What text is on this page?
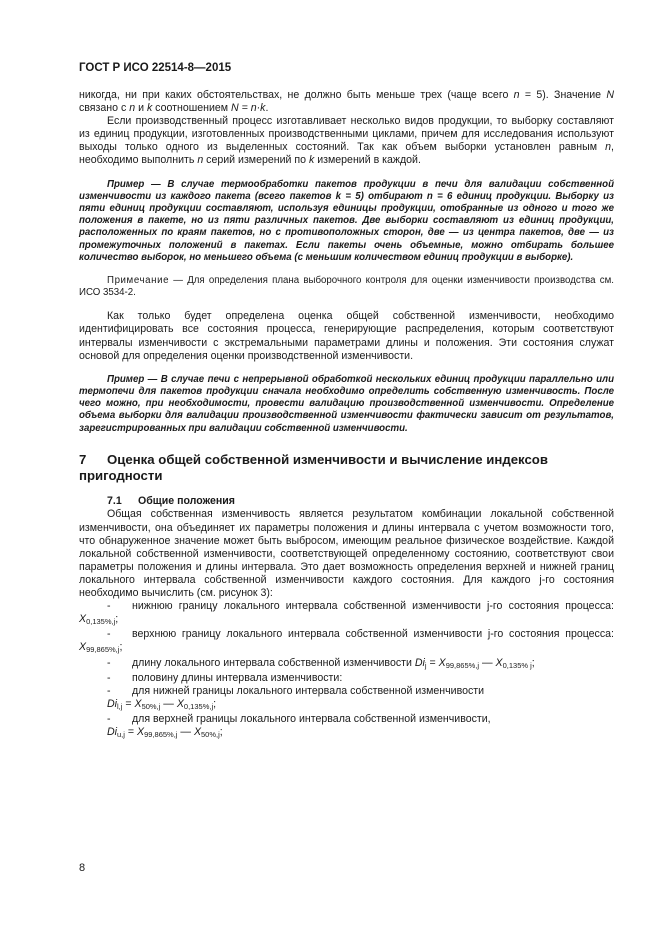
ГОСТ Р ИСО 22514-8—2015

никогда, ни при каких обстоятельствах, не должно быть меньше трех (чаще всего n = 5). Значение N связано с n и k соотношением N = n·k.

Если производственный процесс изготавливает несколько видов продукции, то выборку составляют из единиц продукции, изготовленных производственными циклами, причем для исследования используют выходы только одного из выделенных состояний. Так как объем выборки установлен равным n, необходимо выполнить n серий измерений по k измерений в каждой.

Пример — В случае термообработки пакетов продукции в печи для валидации собственной изменчивости из каждого пакета (всего пакетов k = 5) отбирают n = 6 единиц продукции. Выборку из пяти единиц продукции составляют, используя единицы продукции, отобранные из одного и того же положения в пакете, но из пяти различных пакетов. Две выборки составляют из единиц продукции, расположенных по краям пакетов, но с противоположных сторон, две — из центра пакетов, две — из промежуточных положений в пакетах. Если пакеты очень объемные, можно отбирать большее количество выборок, но меньшего объема (с меньшим количеством единиц продукции в выборке).

Примечание — Для определения плана выборочного контроля для оценки изменчивости производства см. ИСО 3534-2.

Как только будет определена оценка общей собственной изменчивости, необходимо идентифицировать все состояния процесса, генерирующие распределения, которым соответствуют интервалы изменчивости с экстремальными параметрами длины и положения. Эти состояния служат основой для определения оценки производственной изменчивости.

Пример — В случае печи с непрерывной обработкой нескольких единиц продукции параллельно или термопечи для пакетов продукции сначала необходимо определить собственную изменчивость. После чего можно, при необходимости, провести валидацию производственной изменчивости. Определение объема выборки для валидации производственной изменчивости фактически зависит от результатов, зарегистрированных при валидации собственной изменчивости.

7 Оценка общей собственной изменчивости и вычисление индексов пригодности
7.1 Общие положения

Общая собственная изменчивость является результатом комбинации локальной собственной изменчивости, она объединяет их параметры положения и длины интервала с учетом возможности того, что обнаруженное значение может быть выбросом, имеющим реальное физическое воздействие. Каждой локальной собственной изменчивости, соответствующей определенному состоянию, соответствуют свои параметры положения и длины интервала. Это дает возможность определения верхней и нижней границ локального интервала собственной изменчивости каждого состояния. Для каждого j-го состояния необходимо вычислить (см. рисунок 3):

- нижнюю границу локального интервала собственной изменчивости j-го состояния процесса: $X_{0,135\%,j}$;

- верхнюю границу локального интервала собственной изменчивости j-го состояния процесса: $X_{99,865\%,j}$;

- длину локального интервала собственной изменчивости $Di_j = X_{99,865\%,j}$ — $X_{0,135\% j}$;

- половину длины интервала изменчивости:

- для нижней границы локального интервала собственной изменчивости

$Di_{l,j} = X_{50\%,j}$ — $X_{0,135\%,j}$;

- для верхней границы локального интервала собственной изменчивости,

$Di_{u,j} = X_{99,865\%,j}$ — $X_{50\%,j}$;

8
